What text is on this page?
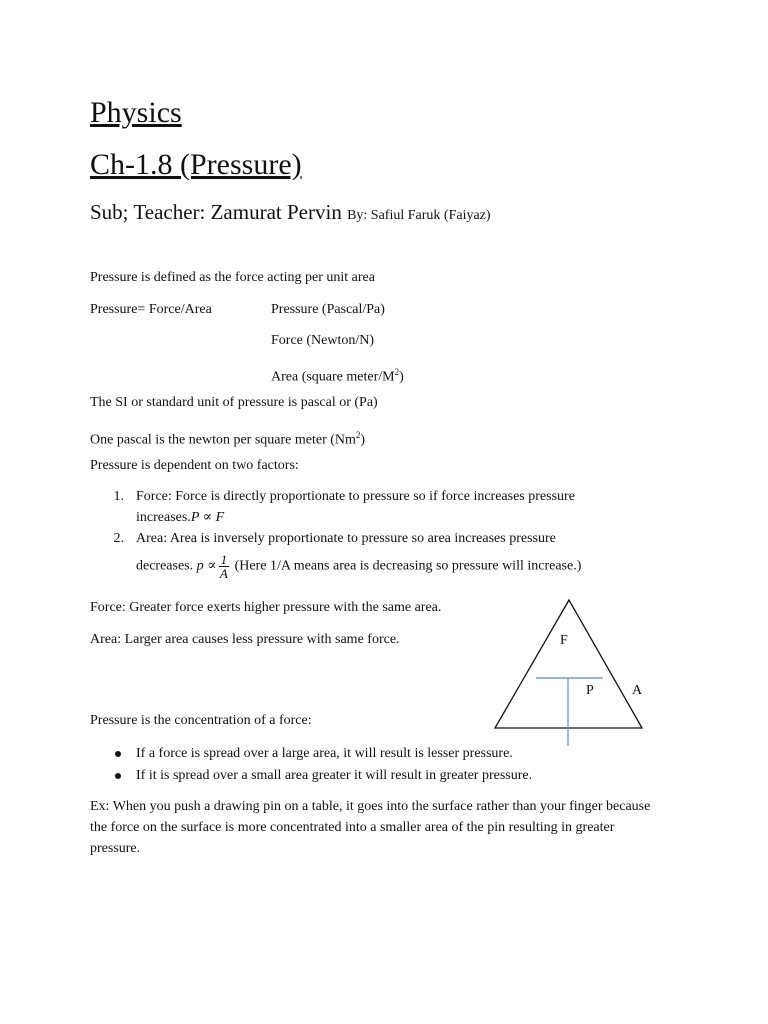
Physics
Ch-1.8 (Pressure)
Sub; Teacher: Zamurat Pervin By: Safiul Faruk (Faiyaz)
Pressure is defined as the force acting per unit area
Pressure= Force/Area	Pressure (Pascal/Pa)
Force (Newton/N)
Area (square meter/$M^2$)
The SI or standard unit of pressure is pascal or (Pa)
One pascal is the newton per square meter (Nm$^2$)
Pressure is dependent on two factors:
1. Force: Force is directly proportionate to pressure so if force increases pressure
increases.P ∝ F
2. Area: Area is inversely proportionate to pressure so area increases pressure
decreases. $p \propto \frac{1}{A}$ (Here 1/A means area is decreasing so pressure will increase.)
Force: Greater force exerts higher pressure with the same area.
Area: Larger area causes less pressure with same force.	F
P	A
Pressure is the concentration of a force:
If a force is spread over a large area, it will result is lesser pressure.
If it is spread over a small area greater it will result in greater pressure.
Ex: When you push a drawing pin on a table, it goes into the surface rather than your finger because the force on the surface is more concentrated into a smaller area of the pin resulting in greater pressure.
